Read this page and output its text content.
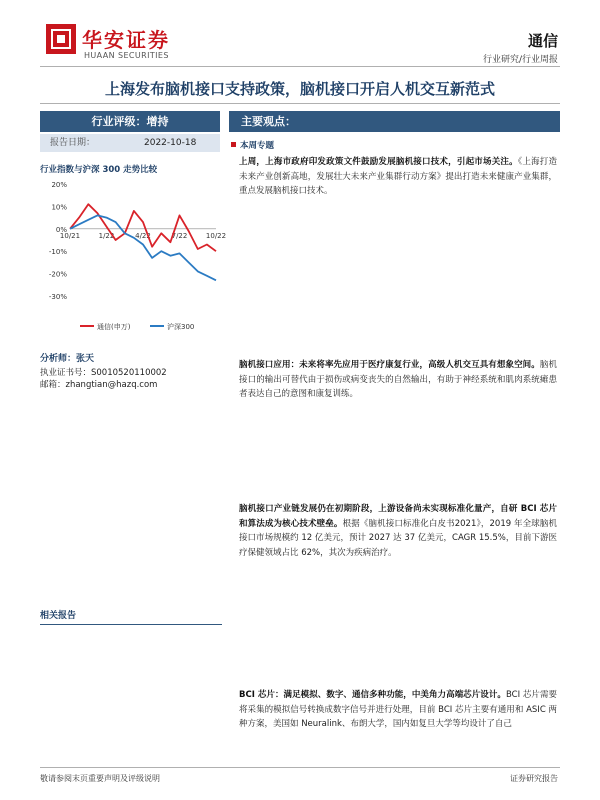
华安证券
HUAAN SECURITIES
通信
行业研究/行业周报
上海发布脑机接口支持政策，脑机接口开启人机交互新范式
行业评级：增持
报告日期：	2022-10-18
行业指数与沪深 300 走势比较
20%
10%
0%
-10%
-20%
-30%
10/21	1/22	4/22	7/22	10/22
通信(申万)	沪深300
分析师：张天
执业证书号：S0010520110002
邮箱：zhangtian@hazq.com
相关报告
主要观点：
本周专题
上周，上海市政府印发政策文件鼓励发展脑机接口技术，引起市场关注。《上海打造未来产业创新高地，发展壮大未来产业集群行动方案》提出打造未来健康产业集群，重点发展脑机接口技术。
脑机接口应用：未来将率先应用于医疗康复行业，高级人机交互具有想象空间。脑机接口的输出可替代由于损伤或病变丧失的自然输出，有助于神经系统和肌肉系统瘫患者表达自己的意图和康复训练。
脑机接口产业链发展仍在初期阶段，上游设备尚未实现标准化量产，自研 BCI 芯片和算法成为核心技术壁垒。根据《脑机接口标准化白皮书2021》，2019 年全球脑机接口市场规模约 12 亿美元，预计 2027 达 37 亿美元，CAGR 15.5%，目前下游医疗保健领域占比 62%，其次为疾病治疗。
BCI 芯片：满足模拟、数字、通信多种功能，中美角力高端芯片设计。BCI 芯片需要将采集的模拟信号转换成数字信号并进行处理，目前 BCI 芯片主要有通用和 ASIC 两种方案，美国如 Neuralink、布朗大学，国内如复旦大学等均设计了自己
敬请参阅末页重要声明及评级说明	证券研究报告
